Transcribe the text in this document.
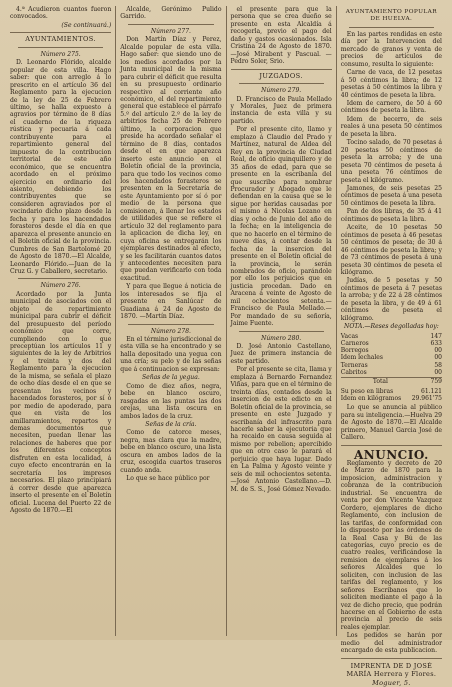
4.ª Acudieron cuantos fueron convocados.

(Se continuará.)

AYUNTAMIENTOS.

Número 275.

D. Leonardo Flórido, alcalde popular de esta villa. Hago saber: que con arreglo á lo prescrito en el artículo 36 del Reglamento para la ejecucion de la ley de 25 de Febrero último, se halla expuesto á agravios por término de 8 días el cuaderno de la riqueza rústica y pecuaria á cada contribuyente para el repartimiento general del impuesto de la contribucion territorial de este año económico, que se encuentra acordado en el próximo ejercicio en ordinario del asiento, debiendo los contribuyentes que se consideren agraviados por el vecindario dicho plazo desde la fecha y para los hacendados forasteros desde el día en que aparezca el presente anuncio en el Boletín oficial de la provincia. Cumbres de San Bartolomé 20 de Agosto de 1870.—El Alcalde, Leonardo Flórido.—Juan de la Cruz G. y Caballero, secretario.

Número 276.

Acordado por la Junta municipal de asociados con el objeto de repartimiento municipal para cubrir el déficit del presupuesto del período económico que corre, cumpliendo con lo que preceptúan los artículos 11 y siguientes de la ley de Arbitrios y el treinta y dos del Reglamento para la ejecucion de la misma, se señala el plazo de ocho días desde el en que se presentan los vecinos y hacendados forasteros, por sí ó por medio de apoderado, para que en vista de los amillaramientos, repartos y demas documentos que necesiten, puedan llenar las relaciones de haberes que por los diferentes conceptos disfruten en esta localidad, á cuyo efecto encontrarán en la secretaría los impresos necesarios. El plazo principiará á correr desde que aparezca inserto el presente en el Boletín oficial. Lucena del Puerto 22 de Agosto de 1870.—El

Alcalde, Gerónimo Pulido Garrido.

Número 277.

Don Martín Díaz y Perez, Alcalde popular de esta villa. Hago saber: que siendo uno de los medios acordados por la Junta municipal de la misma para cubrir el déficit que resulta en su presupuesto ordinario respectivo al corriente año económico, el del repartimiento general que establece el párrafo 5.º del artículo 2.º de la ley de arbitrios fecha 25 de Febrero último, la corporacion que preside ha acordado señalar el término de 8 días, contados desde el en que aparezca inserto este anuncio en el Boletín oficial de la provincia, para que todo los vecinos como los hacendados forasteros se presenten en la Secretaría de este Ayuntamiento por sí ó por medio de la persona que comisionen, á llenar los estados de utilidades que se refiere el artículo 32 del reglamento para la aplicacion de dicha ley, en cuya oficina se entregarán los ejemplares destinados al efecto, y se les facilitarán cuantos datos y antecedentes necesiten para que puedan verificarlo con toda exactitud.

Y para que llegue á noticia de los interesados se fija el presente en Sanlúcar de Guadiana á 24 de Agosto de 1870. —Martín Díaz.

Número 278.

En el término jurisdiccional de esta villa se ha encontrado y se halla depositado una yegua con una cría; su pelo y de las señas que á continuacion se expresan:

Señas de la yegua.

Como de diez años, negra, bebe en blanco oscuro, rasgadas en las puntas las dos orejas, una lista oscura en ambos lados de la cruz.

Señas de la cría.

Como de catorce meses, negra, mas clara que la madre, bebe en blanco oscuro, una lista oscura en ambos lados de la cruz, escogida cuartos traseros cuando anda.

Lo que se hace público por

el presente para que la persona que se crea dueño se presente en esta Alcaldía á recogerla, previo el pago del daño y gastos ocasionados. Isla Cristina 24 de Agosto de 1870. —José Mirabent y Pascual. —Pedro Soler, Srio.

JUZGADOS.

Número 279.

D. Francisco de Paula Mellado y Morales, Juez de primera instancia de esta villa y su partido.

Por el presente cito, llamo y emplazo á Claudio del Prado y Martínez, natural de Aldea del Rey en la provincia de Ciudad Real, de oficio quinquillero y de 35 años de edad, para que se presente en la escribanía del que suscribe para nombrar Procurador y Abogado que le defiendan en la causa que se le sigue por heridas causadas por el mismo á Nicolas Lozano en días y ocho de Junio del año de la fecha; en la inteligencia de que no hacerlo en el término de nueve días, á contar desde la fecha de la insercion del presente en el Boletín oficial de la provincia, le serán nombrados de oficio, parándole por ello los perjuicios que en justicia procedan. Dado en Aracena á veinte de Agosto de mil ochocientos setenta.—Francisco de Paula Mellado.—Por mandado de su señoría, Jaime Fuente.

Número 280.

D. José Antonio Castellano, Juez de primera instancia de este partido.

Por el presente se cita, llama y emplaza á Bernardo Fernandez Viñas, para que en el término de treinta días, contados desde la insercion de este edicto en el Boletín oficial de la provincia, se presente en este Juzgado y escribanía del infrascrito para hacerle saber la ejecutoria que ha recaido en causa seguida al mismo por rebelion; apercibido que en otro caso le parará el perjuicio que haya lugar. Dado en La Palma y Agosto veinte y seis de mil ochocientos setenta.—José Antonio Castellano.—D. M. de S. S., José Gómez Nevado.

AYUNTAMIENTO POPULAR DE HUELVA.

En las partes rendidas en este día por la Intervencion del mercado de granos y venta de precios de artículos de consumo, resulta lo siguiente:

Carne de vaca, de 12 pesetas á 50 céntimos la libra; de 12 pesetas á 50 céntimos la libra y 40 céntimos de peseta la libra.

Idem de carnero, de 50 á 60 céntimos de peseta la libra.

Idem de becerro, de seis reales á una peseta 50 céntimos de peseta la libra.

Tocino salado, de 70 pesetas á 20 pesetas 50 céntimos de peseta la arroba; y de una peseta 70 céntimos de peseta á una peseta 76 céntimos de peseta el kilógramo.

Jamones, de seis pesetas 25 céntimos de peseta á una peseta 50 céntimos de peseta la libra.

Pan de dos libras, de 35 á 41 céntimos de peseta la libra.

Aceite, de 10 pesetas 50 céntimos de peseta á 46 pesetas 50 céntimos de peseta; de 30 á 46 céntimos de peseta la libra; y de 73 céntimos de peseta á una peseta 30 céntimos de peseta el kilógramo.

Judías, de 5 pesetas y 50 céntimos de peseta á 7 pesetas la arroba; y de 22 á 28 céntimos de peseta la libra, y de 49 á 61 céntimos de peseta el kilógramo.

NOTA.—Reses degolladas hoy:

Vacas	147
Carneros	633
Borregos	00
Idem lechales	00
Terneras	58
Cabritos	00
Total	759
Su peso en libras	61.121
Idem en kilógramos	29.961'75

Lo que se anuncia al público para su inteligencia.—Huelva 29 de Agosto de 1870.—El Alcalde primero, Manuel Garcia José de Callero.

ANUNCIO.

Reglamento y decreto de 20 de Marzo de 1870 para la imposicion, administracion y cobranza de la contribucion industrial. Se encuentra de venta por don Vicente Vazquez Cordero, ejemplares de dicho Reglamento, con inclusion de las tarifas, de conformidad con lo dispuesto por las órdenes de la Real Casa y Bú de las categorías, cuyo precio es de cuatro reales, verificándose la remision de ejemplares á los señores Alcaldes que lo soliciten, con inclusion de las tarifas del reglamento, y los señores Escribanos que lo soliciten mediante el pago á la vez de dicho precio, que podrán hacerse en el Gobierno de esta provincia al precio de seis reales ejemplar.

Los pedidos se harán por medio del administrador encargado de esta publicacion.

IMPRENTA DE D JOSÉ MARÍA Herrera y Flores.

Moguer, 5.
